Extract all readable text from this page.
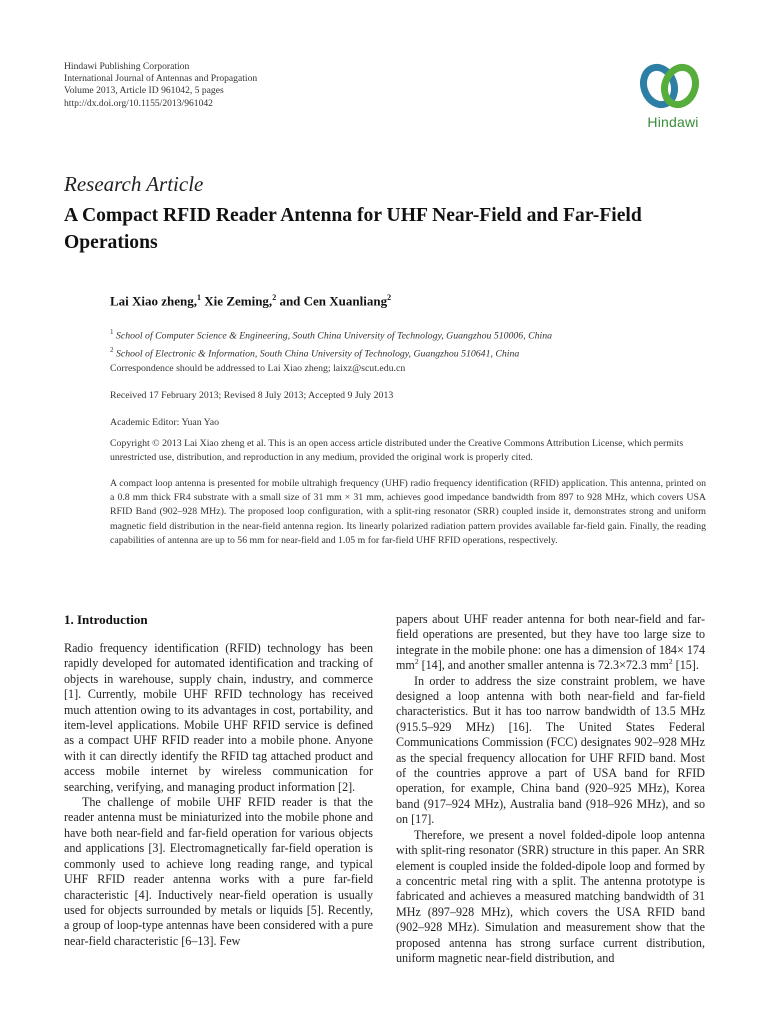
Hindawi Publishing Corporation
International Journal of Antennas and Propagation
Volume 2013, Article ID 961042, 5 pages
http://dx.doi.org/10.1155/2013/961042
Hindawi
Research Article
A Compact RFID Reader Antenna for UHF Near-Field and Far-Field Operations
Lai Xiao zheng,$^1$ Xie Zeming,$^2$ and Cen Xuanliang$^2$
$^1$ School of Computer Science & Engineering, South China University of Technology, Guangzhou 510006, China
$^2$ School of Electronic & Information, South China University of Technology, Guangzhou 510641, China
Correspondence should be addressed to Lai Xiao zheng; laixz@scut.edu.cn
Received 17 February 2013; Revised 8 July 2013; Accepted 9 July 2013
Academic Editor: Yuan Yao
Copyright © 2013 Lai Xiao zheng et al. This is an open access article distributed under the Creative Commons Attribution License, which permits unrestricted use, distribution, and reproduction in any medium, provided the original work is properly cited.
A compact loop antenna is presented for mobile ultrahigh frequency (UHF) radio frequency identification (RFID) application. This antenna, printed on a 0.8 mm thick FR4 substrate with a small size of 31 mm × 31 mm, achieves good impedance bandwidth from 897 to 928 MHz, which covers USA RFID Band (902–928 MHz). The proposed loop configuration, with a split-ring resonator (SRR) coupled inside it, demonstrates strong and uniform magnetic field distribution in the near-field antenna region. Its linearly polarized radiation pattern provides available far-field gain. Finally, the reading capabilities of antenna are up to 56 mm for near-field and 1.05 m for far-field UHF RFID operations, respectively.
1. Introduction

Radio frequency identification (RFID) technology has been rapidly developed for automated identification and tracking of objects in warehouse, supply chain, industry, and commerce [1]. Currently, mobile UHF RFID technology has received much attention owing to its advantages in cost, portability, and item-level applications. Mobile UHF RFID service is defined as a compact UHF RFID reader into a mobile phone. Anyone with it can directly identify the RFID tag attached product and access mobile internet by wireless communication for searching, verifying, and managing product information [2].

The challenge of mobile UHF RFID reader is that the reader antenna must be miniaturized into the mobile phone and have both near-field and far-field operation for various objects and applications [3]. Electromagnetically far-field operation is commonly used to achieve long reading range, and typical UHF RFID reader antenna works with a pure far-field characteristic [4]. Inductively near-field operation is usually used for objects surrounded by metals or liquids [5]. Recently, a group of loop-type antennas have been considered with a pure near-field characteristic [6–13]. Few

papers about UHF reader antenna for both near-field and far-field operations are presented, but they have too large size to integrate in the mobile phone: one has a dimension of 184× 174 $mm^2$ [14], and another smaller antenna is 72.3×72.3 $mm^2$ [15].

In order to address the size constraint problem, we have designed a loop antenna with both near-field and far-field characteristics. But it has too narrow bandwidth of 13.5 MHz (915.5–929 MHz) [16]. The United States Federal Communications Commission (FCC) designates 902–928 MHz as the special frequency allocation for UHF RFID band. Most of the countries approve a part of USA band for RFID operation, for example, China band (920–925 MHz), Korea band (917–924 MHz), Australia band (918–926 MHz), and so on [17].

Therefore, we present a novel folded-dipole loop antenna with split-ring resonator (SRR) structure in this paper. An SRR element is coupled inside the folded-dipole loop and formed by a concentric metal ring with a split. The antenna prototype is fabricated and achieves a measured matching bandwidth of 31 MHz (897–928 MHz), which covers the USA RFID band (902–928 MHz). Simulation and measurement show that the proposed antenna has strong surface current distribution, uniform magnetic near-field distribution, and
